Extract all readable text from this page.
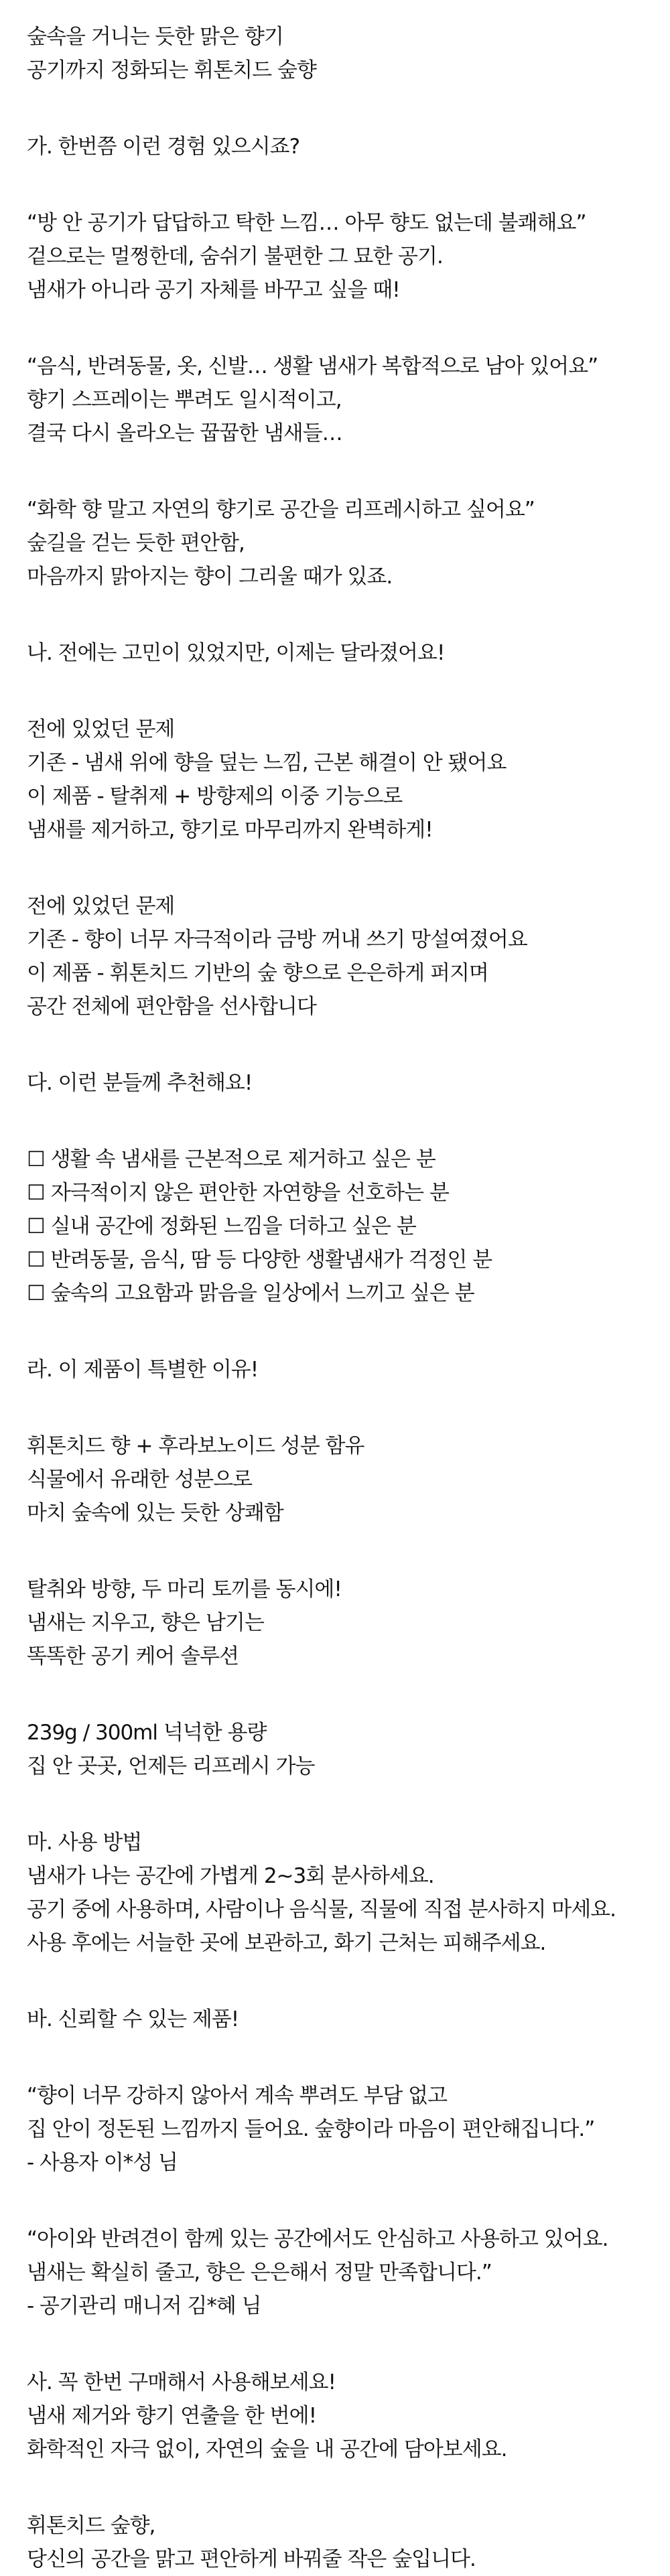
숲속을 거니는 듯한 맑은 향기
공기까지 정화되는 휘톤치드 숲향
가. 한번쯤 이런 경험 있으시죠?
“방 안 공기가 답답하고 탁한 느낌… 아무 향도 없는데 불쾌해요”
겉으로는 멀쩡한데, 숨쉬기 불편한 그 묘한 공기.
냄새가 아니라 공기 자체를 바꾸고 싶을 때!
“음식, 반려동물, 옷, 신발… 생활 냄새가 복합적으로 남아 있어요”
향기 스프레이는 뿌려도 일시적이고,
결국 다시 올라오는 꿉꿉한 냄새들…
“화학 향 말고 자연의 향기로 공간을 리프레시하고 싶어요”
숲길을 걷는 듯한 편안함,
마음까지 맑아지는 향이 그리울 때가 있죠.
나. 전에는 고민이 있었지만, 이제는 달라졌어요!
전에 있었던 문제
기존 - 냄새 위에 향을 덮는 느낌, 근본 해결이 안 됐어요
이 제품 - 탈취제 + 방향제의 이중 기능으로
냄새를 제거하고, 향기로 마무리까지 완벽하게!
전에 있었던 문제
기존 - 향이 너무 자극적이라 금방 꺼내 쓰기 망설여졌어요
이 제품 - 휘톤치드 기반의 숲 향으로 은은하게 퍼지며
공간 전체에 편안함을 선사합니다
다. 이런 분들께 추천해요!
☐ 생활 속 냄새를 근본적으로 제거하고 싶은 분
☐ 자극적이지 않은 편안한 자연향을 선호하는 분
☐ 실내 공간에 정화된 느낌을 더하고 싶은 분
☐ 반려동물, 음식, 땀 등 다양한 생활냄새가 걱정인 분
☐ 숲속의 고요함과 맑음을 일상에서 느끼고 싶은 분
라. 이 제품이 특별한 이유!
휘톤치드 향 + 후라보노이드 성분 함유
식물에서 유래한 성분으로
마치 숲속에 있는 듯한 상쾌함
탈취와 방향, 두 마리 토끼를 동시에!
냄새는 지우고, 향은 남기는
똑똑한 공기 케어 솔루션
239g / 300ml 넉넉한 용량
집 안 곳곳, 언제든 리프레시 가능
마. 사용 방법
냄새가 나는 공간에 가볍게 2~3회 분사하세요.
공기 중에 사용하며, 사람이나 음식물, 직물에 직접 분사하지 마세요.
사용 후에는 서늘한 곳에 보관하고, 화기 근처는 피해주세요.
바. 신뢰할 수 있는 제품!
“향이 너무 강하지 않아서 계속 뿌려도 부담 없고
집 안이 정돈된 느낌까지 들어요. 숲향이라 마음이 편안해집니다.”
- 사용자 이*성 님
“아이와 반려견이 함께 있는 공간에서도 안심하고 사용하고 있어요.
냄새는 확실히 줄고, 향은 은은해서 정말 만족합니다.”
- 공기관리 매니저 김*혜 님
사. 꼭 한번 구매해서 사용해보세요!
냄새 제거와 향기 연출을 한 번에!
화학적인 자극 없이, 자연의 숲을 내 공간에 담아보세요.
휘톤치드 숲향,
당신의 공간을 맑고 편안하게 바꿔줄 작은 숲입니다.
